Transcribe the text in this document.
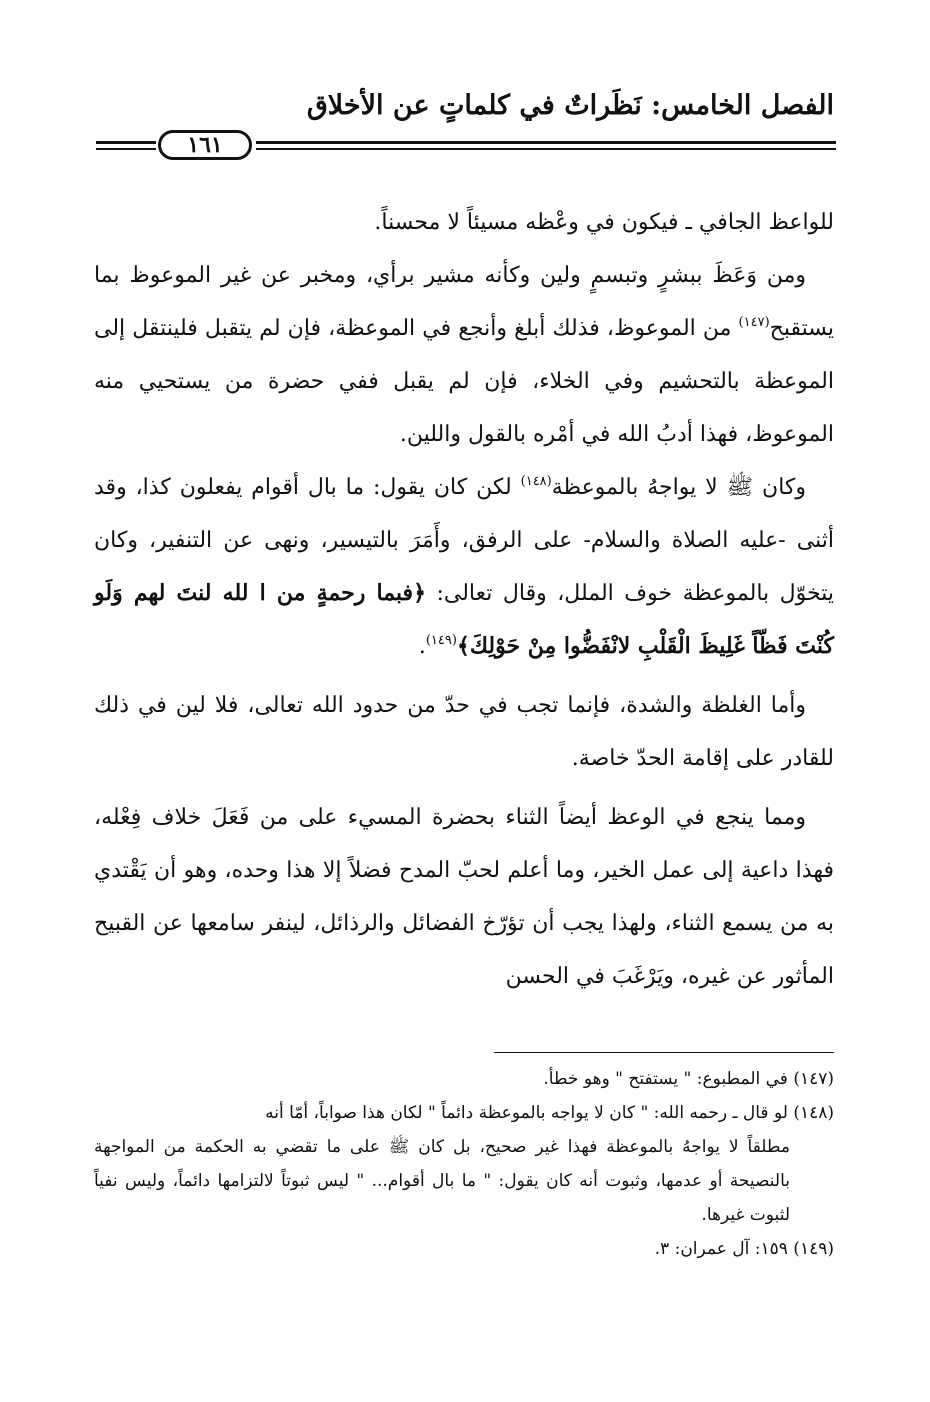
الفصل الخامس: نَظَراتٌ في كلماتٍ عن الأخلاق
١٦١

للواعظ الجافي ـ فيكون في وعْظه مسيئاً لا محسناً.

ومن وَعَظَ ببشرٍ وتبسمٍ ولين وكأنه مشير برأي، ومخبر عن غير الموعوظ بما يستقبح$^{(١٤٧)}$ من الموعوظ، فذلك أبلغ وأنجع في الموعظة، فإن لم يتقبل فلينتقل إلى الموعظة بالتحشيم وفي الخلاء، فإن لم يقبل ففي حضرة من يستحيي منه الموعوظ، فهذا أدبُ الله في أمْره بالقول واللين.

وكان ﷺ لا يواجهُ بالموعظة$^{(١٤٨)}$ لكن كان يقول: ما بال أقوام يفعلون كذا، وقد أثنى -عليه الصلاة والسلام- على الرفق، وأَمَرَ بالتيسير، ونهى عن التنفير، وكان يتخوّل بالموعظة خوف الملل، وقال تعالى: ﴿فبما رحمةٍ من ا لله لنتَ لهم وَلَو كُنْتَ فَظّاً غَلِيظَ الْقَلْبِ لانْفَضُّوا مِنْ حَوْلِكَ﴾$^{(١٤٩)}$.

وأما الغلظة والشدة، فإنما تجب في حدّ من حدود الله تعالى، فلا لين في ذلك للقادر على إقامة الحدّ خاصة.

ومما ينجع في الوعظ أيضاً الثناء بحضرة المسيء على من فَعَلَ خلاف فِعْله، فهذا داعية إلى عمل الخير، وما أعلم لحبّ المدح فضلاً إلا هذا وحده، وهو أن يَقْتدي به من يسمع الثناء، ولهذا يجب أن تؤرّخ الفضائل والرذائل، لينفر سامعها عن القبيح المأثور عن غيره، ويَرْغَبَ في الحسن

(١٤٧) في المطبوع: " يستفتح " وهو خطأ.

(١٤٨) لو قال ـ رحمه الله: " كان لا يواجه بالموعظة دائماً " لكان هذا صواباً، أمّا أنه

مطلقاً لا يواجهُ بالموعظة فهذا غير صحيح، بل كان ﷺ على ما تقضي به الحكمة من المواجهة بالنصيحة أو عدمها، وثبوت أنه كان يقول: " ما بال أقوام... " ليس ثبوتاً لالتزامها دائماً، وليس نفياً لثبوت غيرها.

(١٤٩) ١٥٩: آل عمران: ٣.
